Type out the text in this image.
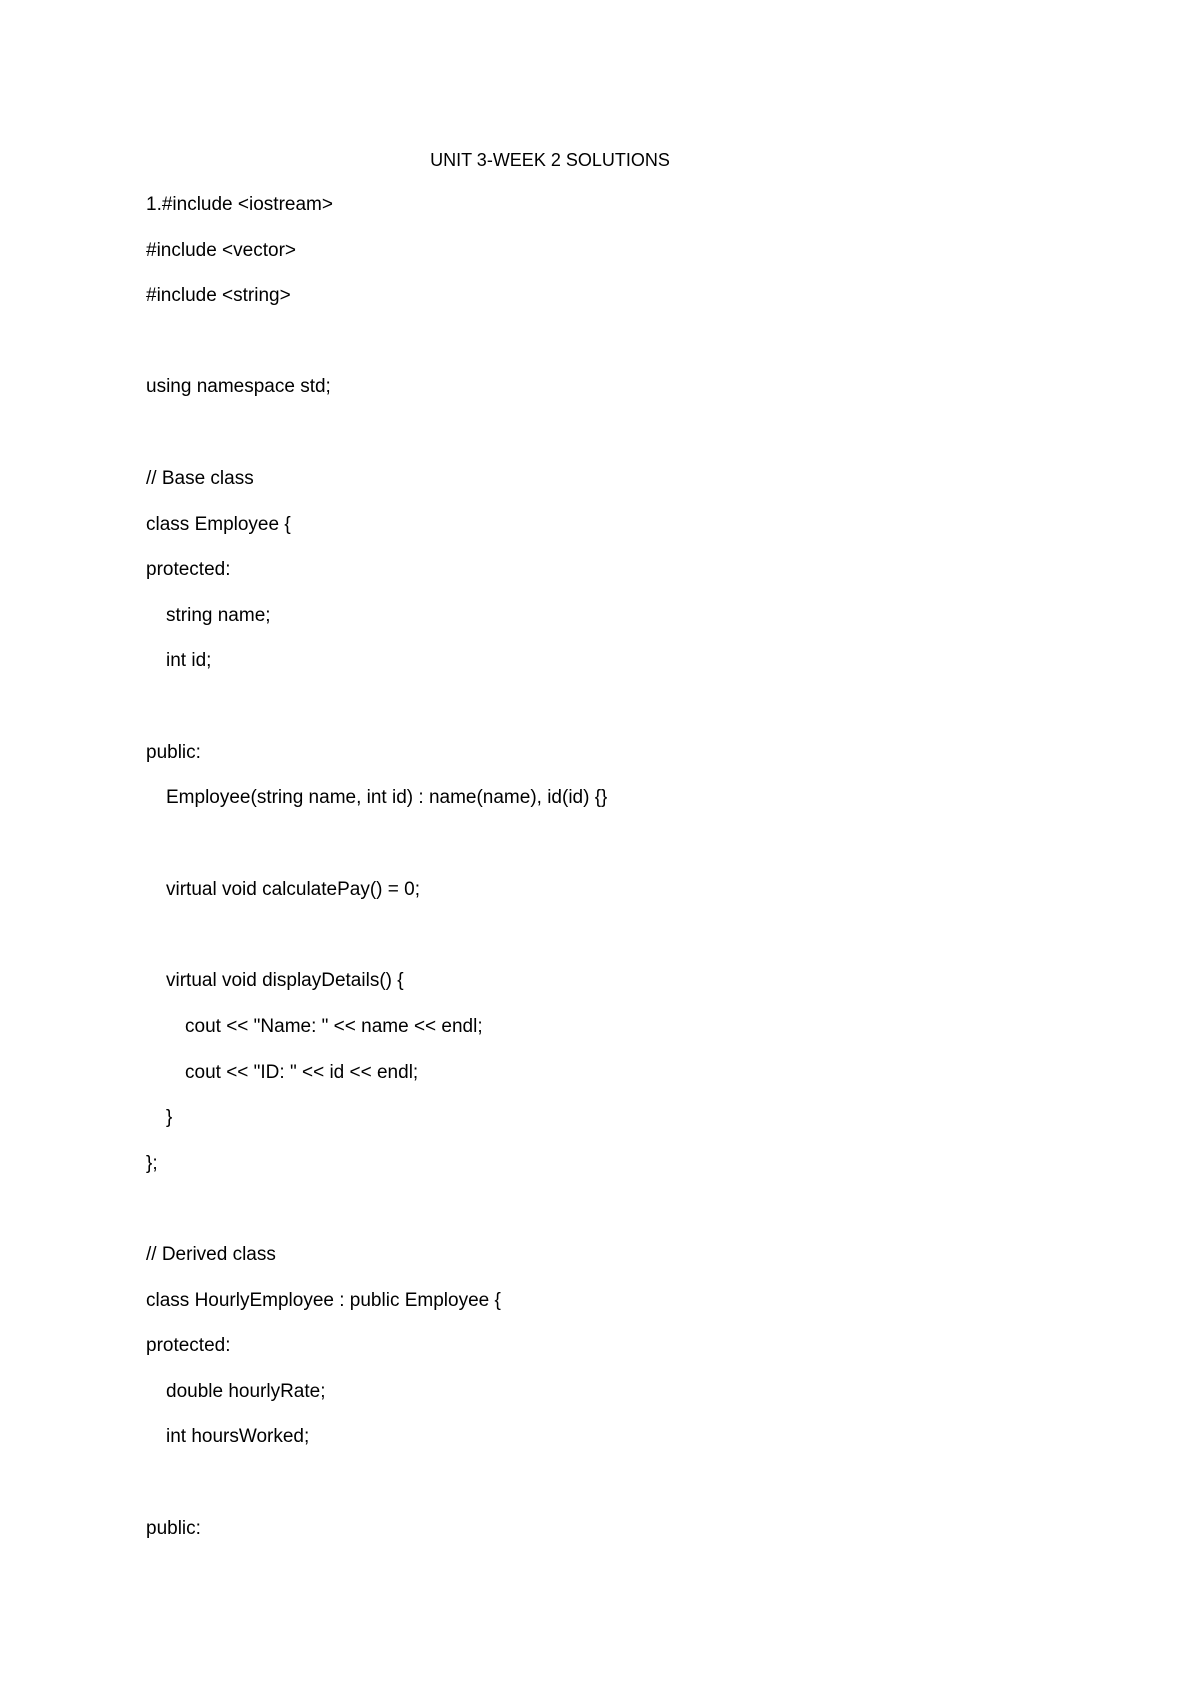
UNIT 3-WEEK 2 SOLUTIONS
1.#include <iostream>
#include <vector>
#include <string>
using namespace std;
// Base class
class Employee {
protected:
string name;
int id;
public:
Employee(string name, int id) : name(name), id(id) {}
virtual void calculatePay() = 0;
virtual void displayDetails() {
cout << "Name: " << name << endl;
cout << "ID: " << id << endl;
}
};
// Derived class
class HourlyEmployee : public Employee {
protected:
double hourlyRate;
int hoursWorked;
public:
